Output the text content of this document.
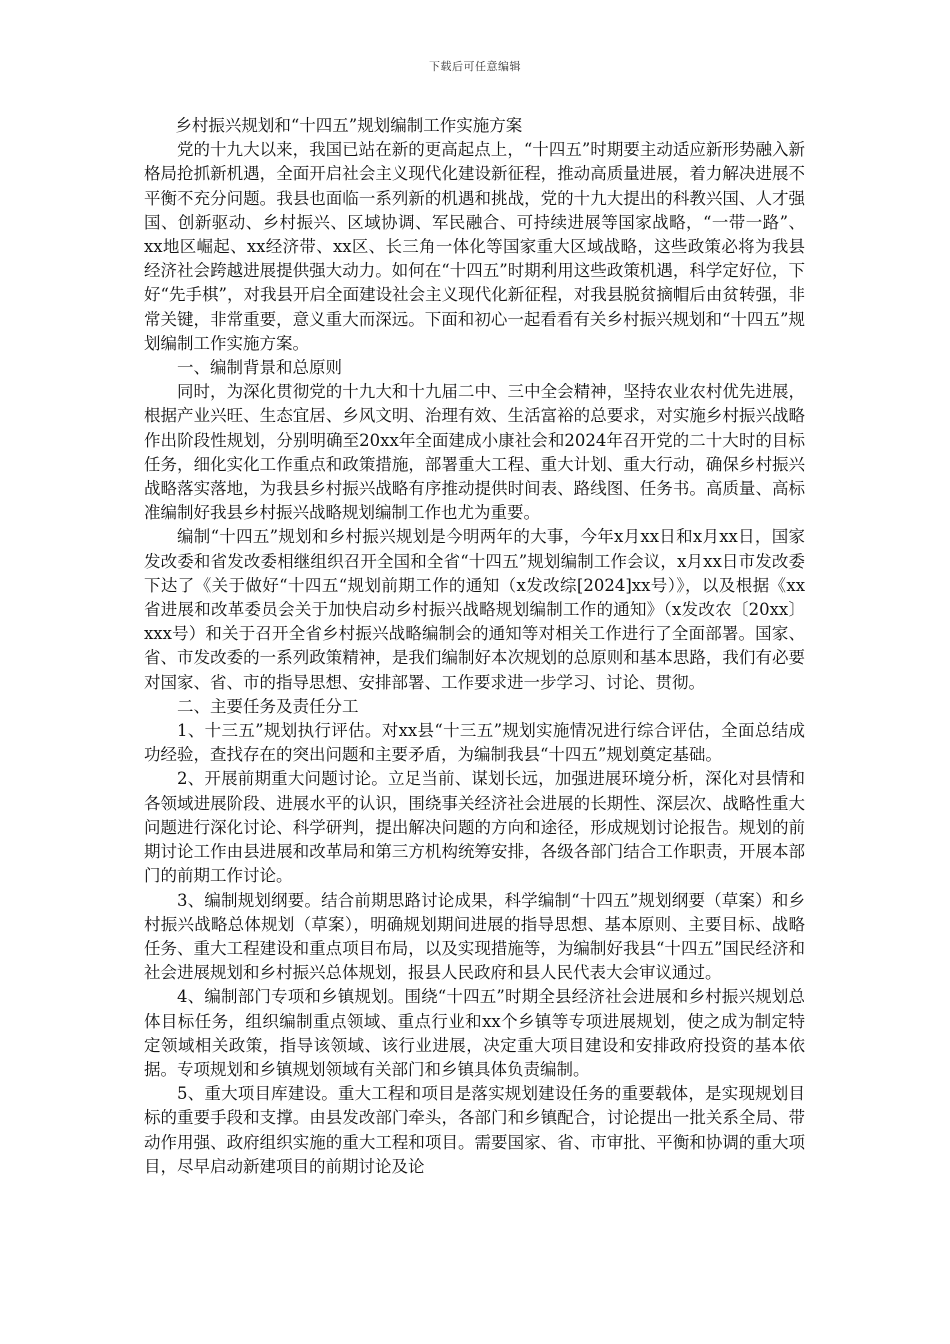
下载后可任意编辑

乡村振兴规划和“十四五”规划编制工作实施方案

党的十九大以来，我国已站在新的更高起点上，“十四五”时期要主动适应新形势融入新格局抢抓新机遇，全面开启社会主义现代化建设新征程，推动高质量进展，着力解决进展不平衡不充分问题。我县也面临一系列新的机遇和挑战，党的十九大提出的科教兴国、人才强国、创新驱动、乡村振兴、区域协调、军民融合、可持续进展等国家战略，“一带一路”、xx地区崛起、xx经济带、xx区、长三角一体化等国家重大区域战略，这些政策必将为我县经济社会跨越进展提供强大动力。如何在“十四五”时期利用这些政策机遇，科学定好位，下好“先手棋”，对我县开启全面建设社会主义现代化新征程，对我县脱贫摘帽后由贫转强，非常关键，非常重要，意义重大而深远。下面和初心一起看看有关乡村振兴规划和“十四五”规划编制工作实施方案。

一、编制背景和总原则

同时，为深化贯彻党的十九大和十九届二中、三中全会精神，坚持农业农村优先进展，根据产业兴旺、生态宜居、乡风文明、治理有效、生活富裕的总要求，对实施乡村振兴战略作出阶段性规划，分别明确至20xx年全面建成小康社会和2024年召开党的二十大时的目标任务，细化实化工作重点和政策措施，部署重大工程、重大计划、重大行动，确保乡村振兴战略落实落地，为我县乡村振兴战略有序推动提供时间表、路线图、任务书。高质量、高标准编制好我县乡村振兴战略规划编制工作也尤为重要。

编制“十四五”规划和乡村振兴规划是今明两年的大事，今年x月xx日和x月xx日，国家发改委和省发改委相继组织召开全国和全省“十四五”规划编制工作会议，x月xx日市发改委下达了《关于做好“十四五“规划前期工作的通知（x发改综[2024]xx号）》，以及根据《xx省进展和改革委员会关于加快启动乡村振兴战略规划编制工作的通知》（x发改农〔20xx〕xxx号）和关于召开全省乡村振兴战略编制会的通知等对相关工作进行了全面部署。国家、省、市发改委的一系列政策精神，是我们编制好本次规划的总原则和基本思路，我们有必要对国家、省、市的指导思想、安排部署、工作要求进一步学习、讨论、贯彻。

二、主要任务及责任分工

1、十三五”规划执行评估。对xx县“十三五”规划实施情况进行综合评估，全面总结成功经验，查找存在的突出问题和主要矛盾，为编制我县“十四五”规划奠定基础。

2、开展前期重大问题讨论。立足当前、谋划长远，加强进展环境分析，深化对县情和各领域进展阶段、进展水平的认识，围绕事关经济社会进展的长期性、深层次、战略性重大问题进行深化讨论、科学研判，提出解决问题的方向和途径，形成规划讨论报告。规划的前期讨论工作由县进展和改革局和第三方机构统筹安排，各级各部门结合工作职责，开展本部门的前期工作讨论。

3、编制规划纲要。结合前期思路讨论成果，科学编制“十四五”规划纲要（草案）和乡村振兴战略总体规划（草案），明确规划期间进展的指导思想、基本原则、主要目标、战略任务、重大工程建设和重点项目布局，以及实现措施等，为编制好我县“十四五”国民经济和社会进展规划和乡村振兴总体规划，报县人民政府和县人民代表大会审议通过。

4、编制部门专项和乡镇规划。围绕“十四五”时期全县经济社会进展和乡村振兴规划总体目标任务，组织编制重点领域、重点行业和xx个乡镇等专项进展规划，使之成为制定特定领域相关政策，指导该领域、该行业进展，决定重大项目建设和安排政府投资的基本依据。专项规划和乡镇规划领域有关部门和乡镇具体负责编制。

5、重大项目库建设。重大工程和项目是落实规划建设任务的重要载体，是实现规划目标的重要手段和支撑。由县发改部门牵头，各部门和乡镇配合，讨论提出一批关系全局、带动作用强、政府组织实施的重大工程和项目。需要国家、省、市审批、平衡和协调的重大项目，尽早启动新建项目的前期讨论及论
